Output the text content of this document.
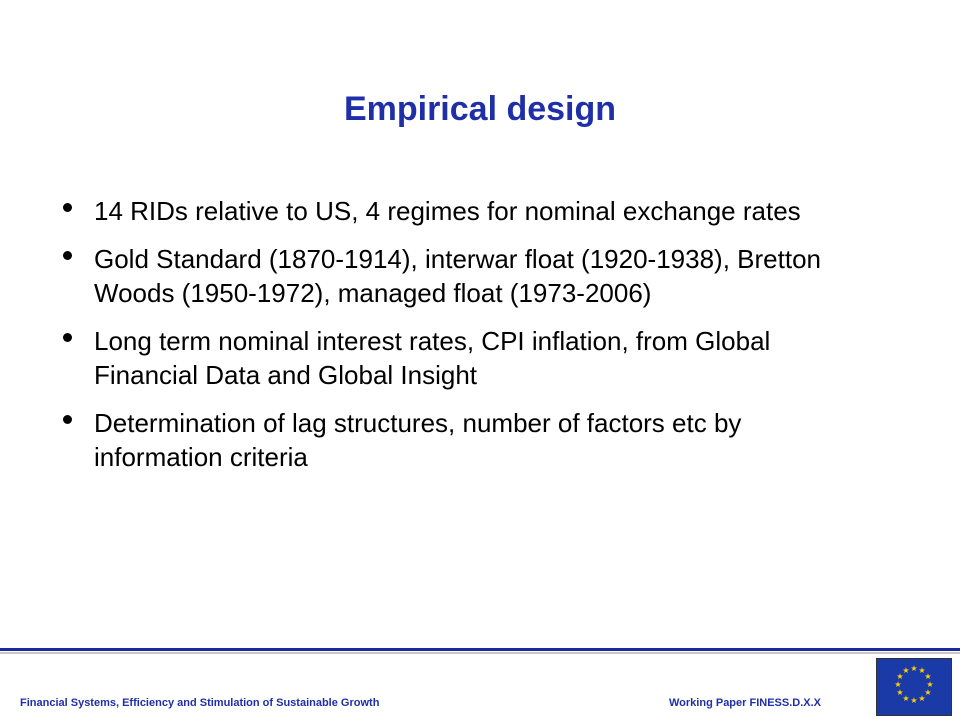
Empirical design
14 RIDs relative to US, 4 regimes for nominal exchange rates
Gold Standard (1870-1914), interwar float (1920-1938), Bretton Woods (1950-1972), managed float (1973-2006)
Long term nominal interest rates, CPI inflation, from Global Financial Data and Global Insight
Determination of lag structures, number of factors etc by information criteria
Financial Systems, Efficiency and Stimulation of Sustainable Growth	Working Paper FINESS.D.X.X
★ ★
★
★
★
★
★
★
★
★
★
★
